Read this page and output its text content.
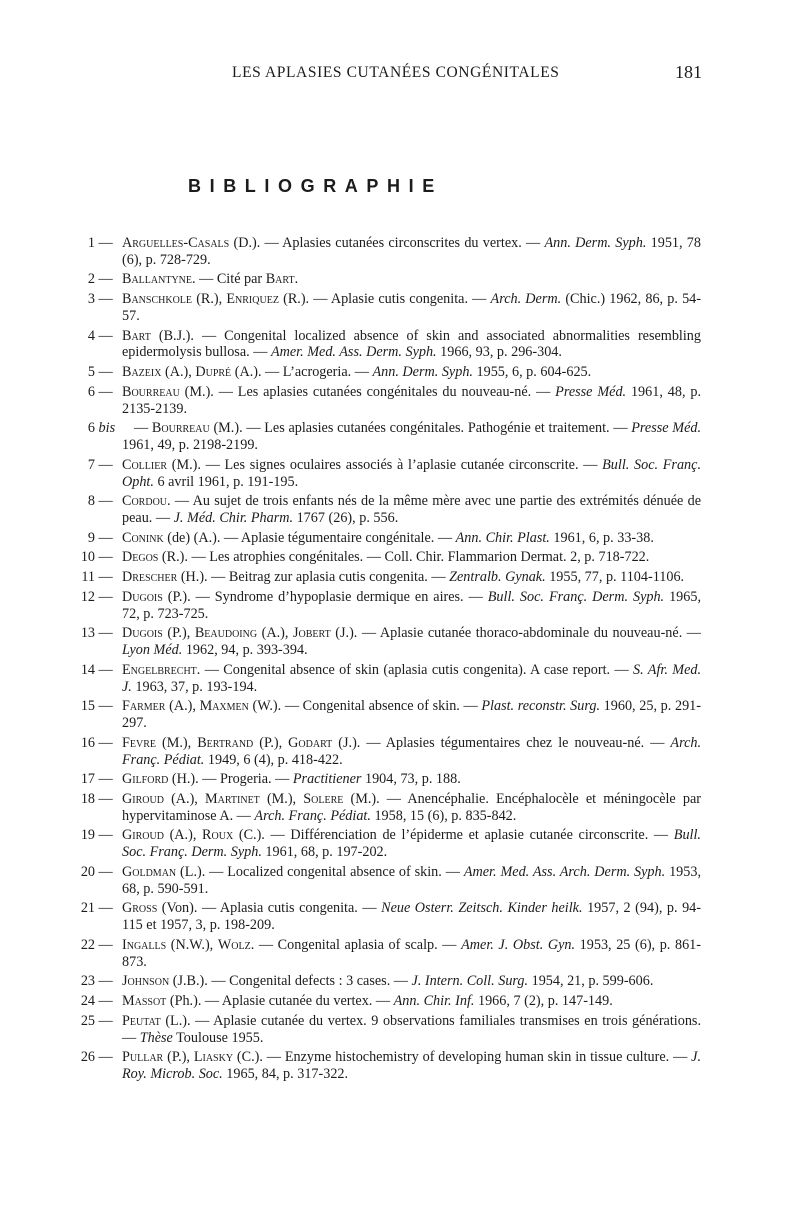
LES APLASIES CUTANÉES CONGÉNITALES	181
BIBLIOGRAPHIE
1 — Arguelles-Casals (D.). — Aplasies cutanées circonscrites du vertex. — Ann. Derm. Syph. 1951, 78 (6), p. 728-729.
2 — Ballantyne. — Cité par Bart.
3 — Banschkole (R.), Enriquez (R.). — Aplasie cutis congenita. — Arch. Derm. (Chic.) 1962, 86, p. 54-57.
4 — Bart (B.J.). — Congenital localized absence of skin and associated abnormalities resembling epidermolysis bullosa. — Amer. Med. Ass. Derm. Syph. 1966, 93, p. 296-304.
5 — Bazeix (A.), Dupré (A.). — L’acrogeria. — Ann. Derm. Syph. 1955, 6, p. 604-625.
6 — Bourreau (M.). — Les aplasies cutanées congénitales du nouveau-né. — Presse Méd. 1961, 48, p. 2135-2139.
6 bis	— Bourreau (M.). — Les aplasies cutanées congénitales. Pathogénie et traitement. — Presse Méd. 1961, 49, p. 2198-2199.
7 — Collier (M.). — Les signes oculaires associés à l’aplasie cutanée circonscrite. — Bull. Soc. Franç. Opht. 6 avril 1961, p. 191-195.
8 — Cordou. — Au sujet de trois enfants nés de la même mère avec une partie des extrémités dénuée de peau. — J. Méd. Chir. Pharm. 1767 (26), p. 556.
9 — Conink (de) (A.). — Aplasie tégumentaire congénitale. — Ann. Chir. Plast. 1961, 6, p. 33-38.
10 — Degos (R.). — Les atrophies congénitales. — Coll. Chir. Flammarion Dermat. 2, p. 718-722.
11 — Drescher (H.). — Beitrag zur aplasia cutis congenita. — Zentralb. Gynak. 1955, 77, p. 1104-1106.
12 — Dugois (P.). — Syndrome d’hypoplasie dermique en aires. — Bull. Soc. Franç. Derm. Syph. 1965, 72, p. 723-725.
13 — Dugois (P.), Beaudoing (A.), Jobert (J.). — Aplasie cutanée thoraco-abdominale du nouveau-né. — Lyon Méd. 1962, 94, p. 393-394.
14 — Engelbrecht. — Congenital absence of skin (aplasia cutis congenita). A case report. — S. Afr. Med. J. 1963, 37, p. 193-194.
15 — Farmer (A.), Maxmen (W.). — Congenital absence of skin. — Plast. reconstr. Surg. 1960, 25, p. 291-297.
16 — Fevre (M.), Bertrand (P.), Godart (J.). — Aplasies tégumentaires chez le nouveau-né. — Arch. Franç. Pédiat. 1949, 6 (4), p. 418-422.
17 — Gilford (H.). — Progeria. — Practitiener 1904, 73, p. 188.
18 — Giroud (A.), Martinet (M.), Solere (M.). — Anencéphalie. Encéphalocèle et méningocèle par hypervitaminose A. — Arch. Franç. Pédiat. 1958, 15 (6), p. 835-842.
19 — Giroud (A.), Roux (C.). — Différenciation de l’épiderme et aplasie cutanée circonscrite. — Bull. Soc. Franç. Derm. Syph. 1961, 68, p. 197-202.
20 — Goldman (L.). — Localized congenital absence of skin. — Amer. Med. Ass. Arch. Derm. Syph. 1953, 68, p. 590-591.
21 — Gross (Von). — Aplasia cutis congenita. — Neue Osterr. Zeitsch. Kinder heilk. 1957, 2 (94), p. 94-115 et 1957, 3, p. 198-209.
22 — Ingalls (N.W.), Wolz. — Congenital aplasia of scalp. — Amer. J. Obst. Gyn. 1953, 25 (6), p. 861-873.
23 — Johnson (J.B.). — Congenital defects : 3 cases. — J. Intern. Coll. Surg. 1954, 21, p. 599-606.
24 — Massot (Ph.). — Aplasie cutanée du vertex. — Ann. Chir. Inf. 1966, 7 (2), p. 147-149.
25 — Peutat (L.). — Aplasie cutanée du vertex. 9 observations familiales transmises en trois générations. — Thèse Toulouse 1955.
26 — Pullar (P.), Liasky (C.). — Enzyme histochemistry of developing human skin in tissue culture. — J. Roy. Microb. Soc. 1965, 84, p. 317-322.
